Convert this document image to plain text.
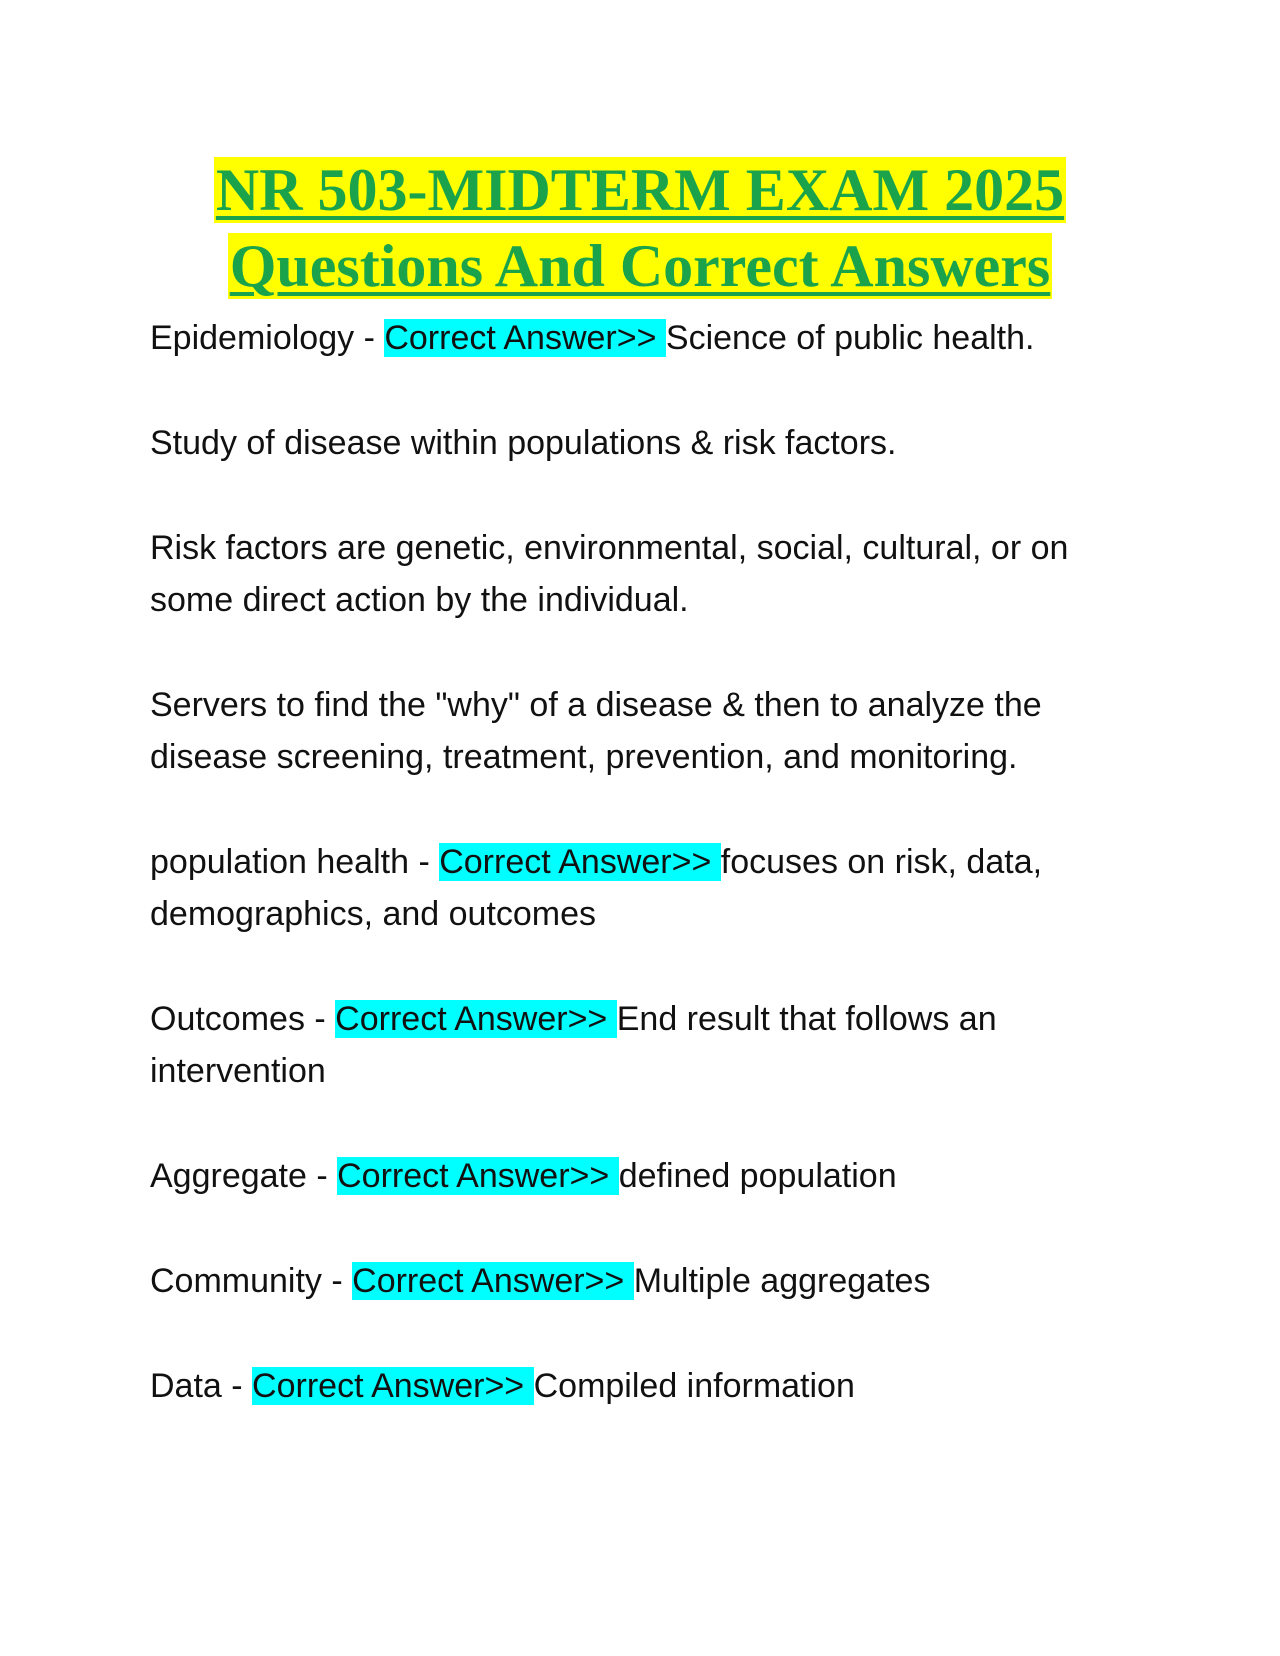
NR 503-MIDTERM EXAM 2025
Questions And Correct Answers

Epidemiology - Correct Answer>> Science of public health.

Study of disease within populations & risk factors.

Risk factors are genetic, environmental, social, cultural, or on some direct action by the individual.

Servers to find the "why" of a disease & then to analyze the disease screening, treatment, prevention, and monitoring.

population health - Correct Answer>> focuses on risk, data, demographics, and outcomes

Outcomes - Correct Answer>> End result that follows an intervention

Aggregate - Correct Answer>> defined population

Community - Correct Answer>> Multiple aggregates

Data - Correct Answer>> Compiled information
